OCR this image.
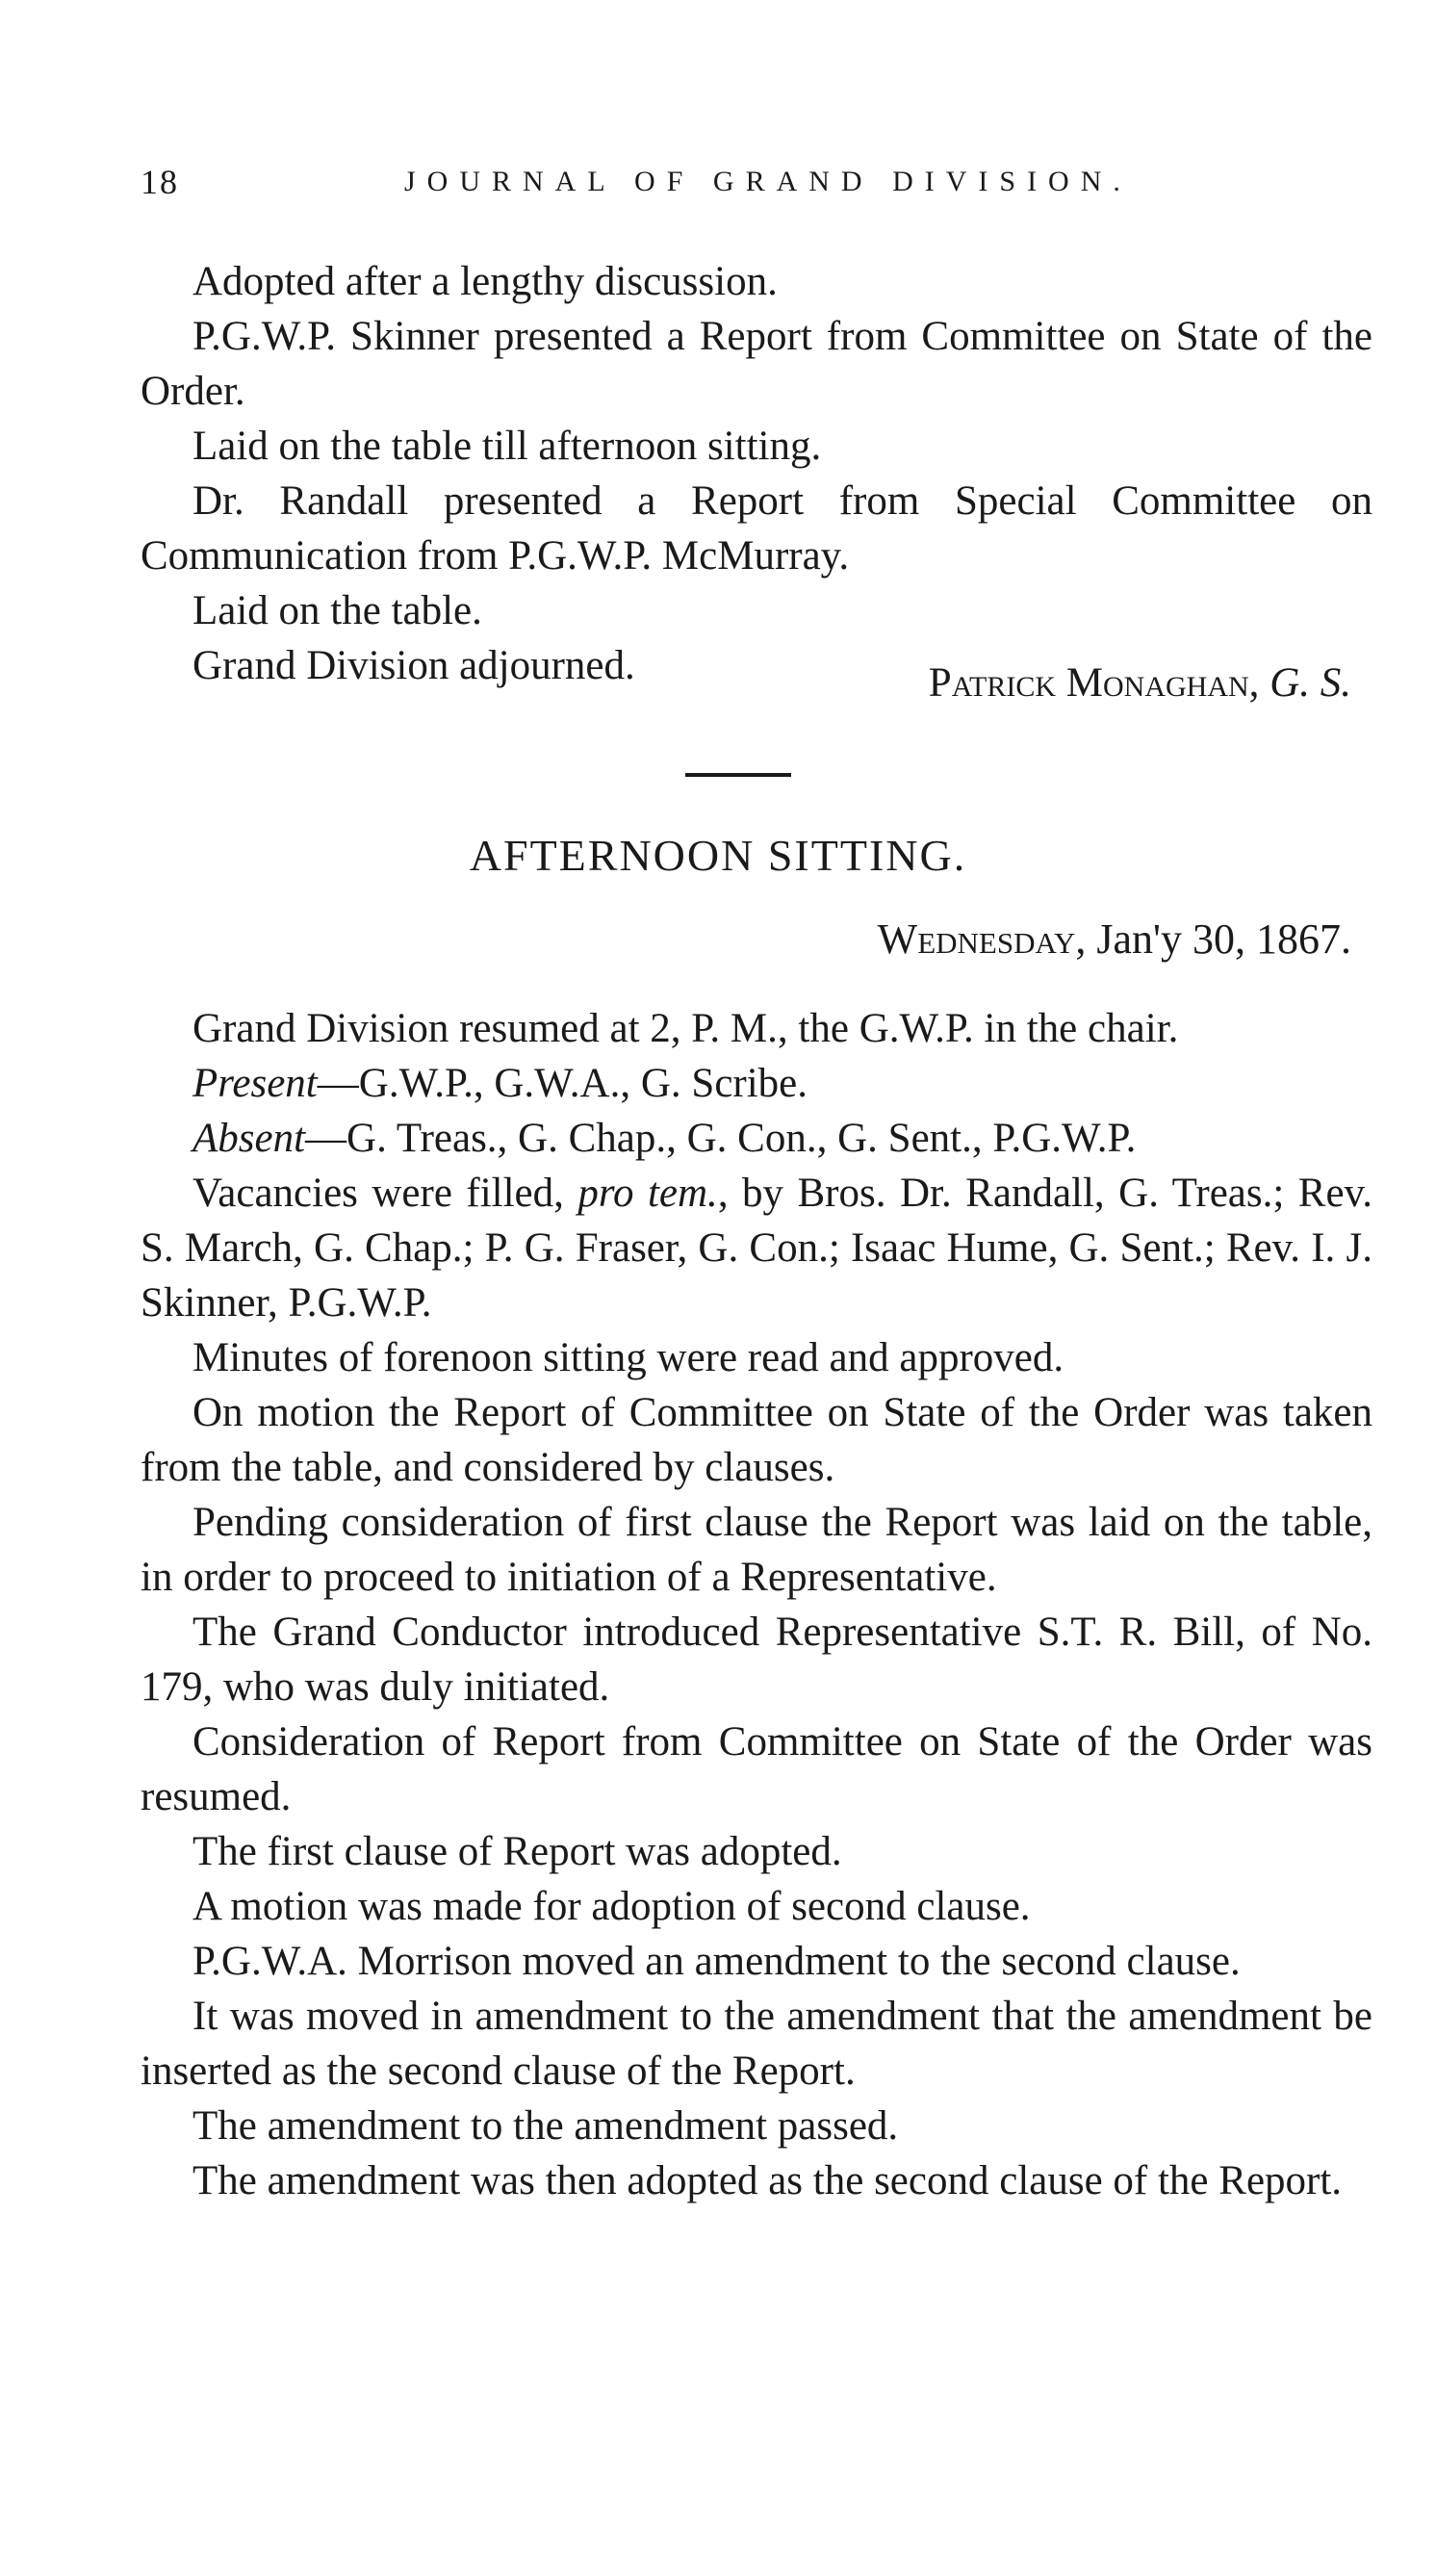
18	JOURNAL OF GRAND DIVISION.

Adopted after a lengthy discussion.

P.G.W.P. Skinner presented a Report from Committee on State of the Order.

Laid on the table till afternoon sitting.

Dr. Randall presented a Report from Special Committee on Communication from P.G.W.P. McMurray.

Laid on the table.

Grand Division adjourned.	Patrick Monaghan, G. S.
AFTERNOON SITTING.
Wednesday, Jan'y 30, 1867.

Grand Division resumed at 2, P. M., the G.W.P. in the chair.

Present—G.W.P., G.W.A., G. Scribe.

Absent—G. Treas., G. Chap., G. Con., G. Sent., P.G.W.P.

Vacancies were filled, pro tem., by Bros. Dr. Randall, G. Treas.; Rev. S. March, G. Chap.; P. G. Fraser, G. Con.; Isaac Hume, G. Sent.; Rev. I. J. Skinner, P.G.W.P.

Minutes of forenoon sitting were read and approved.

On motion the Report of Committee on State of the Order was taken from the table, and considered by clauses.

Pending consideration of first clause the Report was laid on the table, in order to proceed to initiation of a Representative.

The Grand Conductor introduced Representative S.T. R. Bill, of No. 179, who was duly initiated.

Consideration of Report from Committee on State of the Order was resumed.

The first clause of Report was adopted.

A motion was made for adoption of second clause.

P.G.W.A. Morrison moved an amendment to the second clause.

It was moved in amendment to the amendment that the amendment be inserted as the second clause of the Report.

The amendment to the amendment passed.

The amendment was then adopted as the second clause of the Report.
